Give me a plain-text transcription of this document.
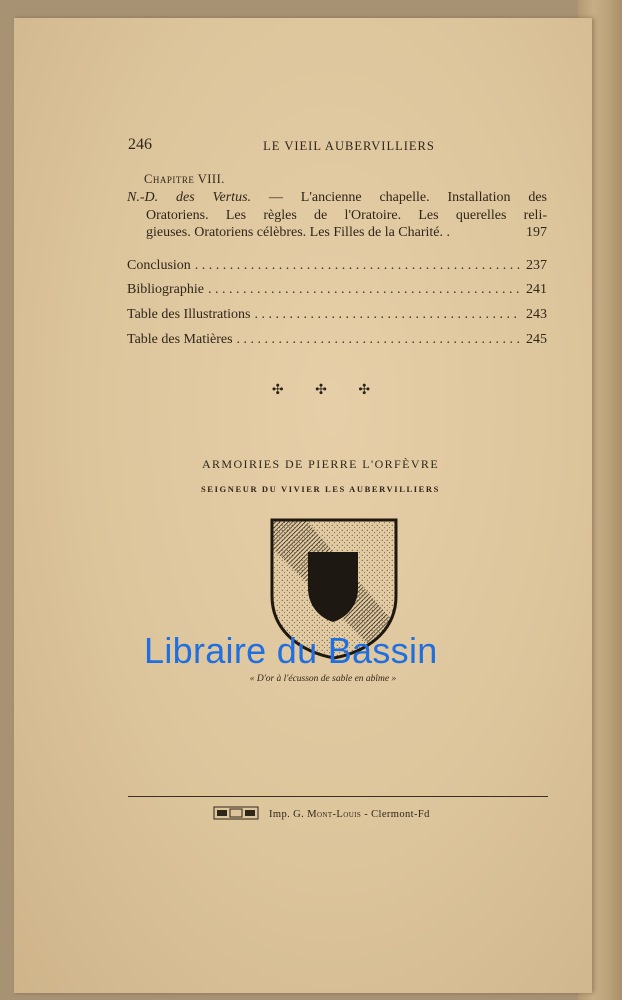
246	LE VIEIL AUBERVILLIERS
Chapitre VIII.
N.-D. des Vertus. — L'ancienne chapelle. Installation des
Oratoriens. Les règles de l'Oratoire. Les querelles reli-
gieuses. Oratoriens célèbres. Les Filles de la Charité. .	197
Conclusion . . .	237
Bibliographie . . .	241
Table des Illustrations . . .	243
Table des Matières . . .	245
✣ ✣ ✣
ARMOIRIES DE PIERRE L'ORFÈVRE
SEIGNEUR DU VIVIER LES AUBERVILLIERS
« D'or à l'écusson de sable en abîme »
Libraire du Bassin
Imp. G. Mont-Louis - Clermont-Fd
